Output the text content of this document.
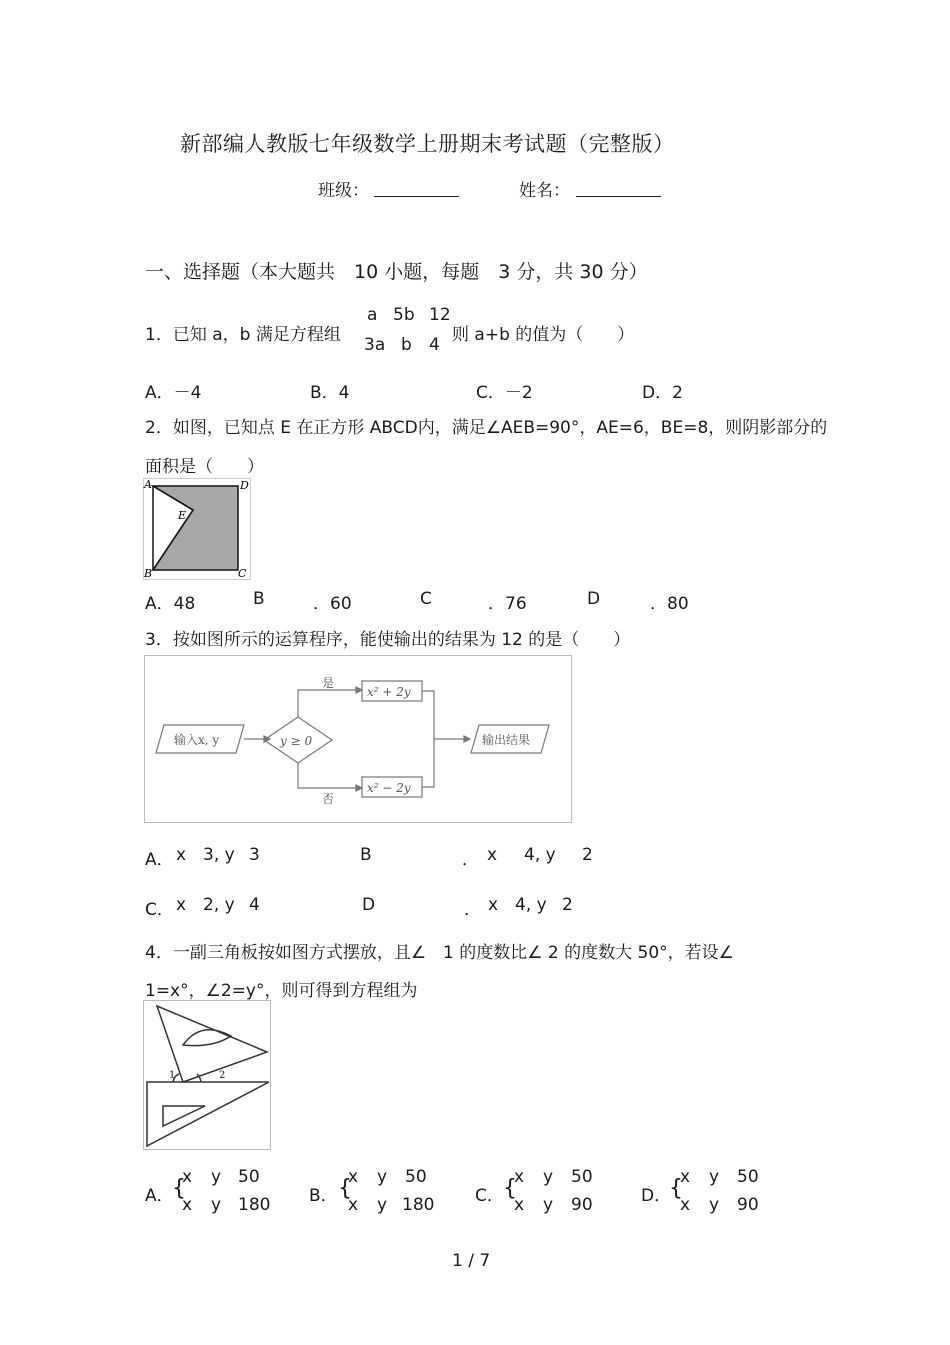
新部编人教版七年级数学上册期末考试题（完整版）
班级：	姓名：
一、选择题（本大题共　10 小题，每题　3 分，共 30 分）
1．已知 a，b 满足方程组
a 5b 12
3a b 4 则 a+b 的值为（　　）
A．－4	B．4	C．－2	D．2
2．如图，已知点 E 在正方形 ABCD内，满足∠AEB=90°，AE=6，BE=8，则阴影部分的
面积是（　　）
A	D
E
B	C
A．48	B	．60	C	．76	D	．80
3．按如图所示的运算程序，能使输出的结果为 12 的是（　　）
输入x, y	y ≥ 0
是
否
x² + 2y
x² − 2y
输出结果
A． x 3, y 3	B	． x 4, y 2
C． x 2, y 4	D	． x 4, y 2
4．一副三角板按如图方式摆放，且∠　1 的度数比∠ 2 的度数大 50°，若设∠
1=x°，∠2=y°，则可得到方程组为
1	2
A．
{
x y 50
x y 180 B． {
x y 50
x y 180 C． {
x y 50
x y 90	D．
{
x y 50
x y 90
1 / 7
